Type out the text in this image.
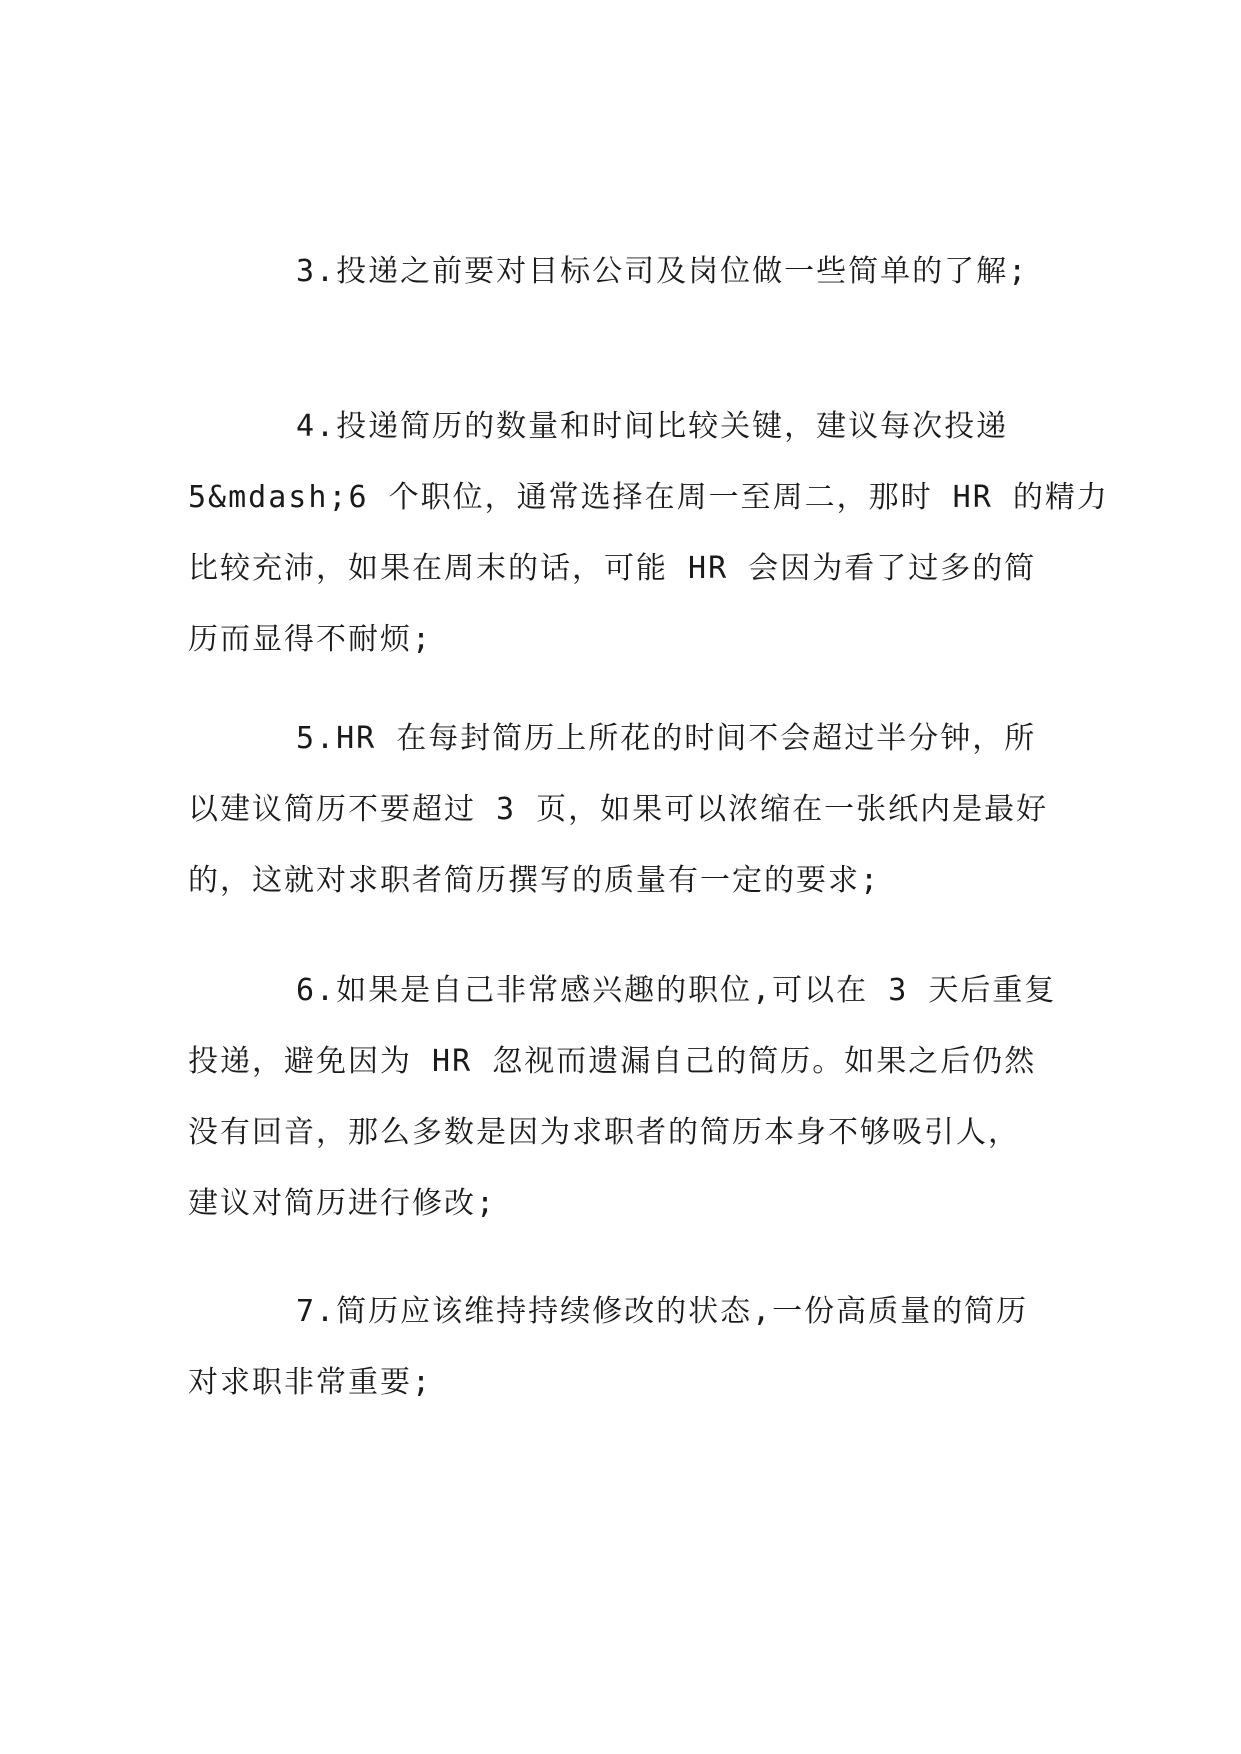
3.投递之前要对目标公司及岗位做一些简单的了解;

4.投递简历的数量和时间比较关键，建议每次投递
5&mdash;6 个职位，通常选择在周一至周二，那时 HR 的精力
比较充沛，如果在周末的话，可能 HR 会因为看了过多的简
历而显得不耐烦;

5.HR 在每封简历上所花的时间不会超过半分钟，所
以建议简历不要超过 3 页，如果可以浓缩在一张纸内是最好
的，这就对求职者简历撰写的质量有一定的要求;

6.如果是自己非常感兴趣的职位,可以在 3 天后重复
投递，避免因为 HR 忽视而遗漏自己的简历。如果之后仍然
没有回音，那么多数是因为求职者的简历本身不够吸引人，
建议对简历进行修改;

7.简历应该维持持续修改的状态,一份高质量的简历
对求职非常重要;
